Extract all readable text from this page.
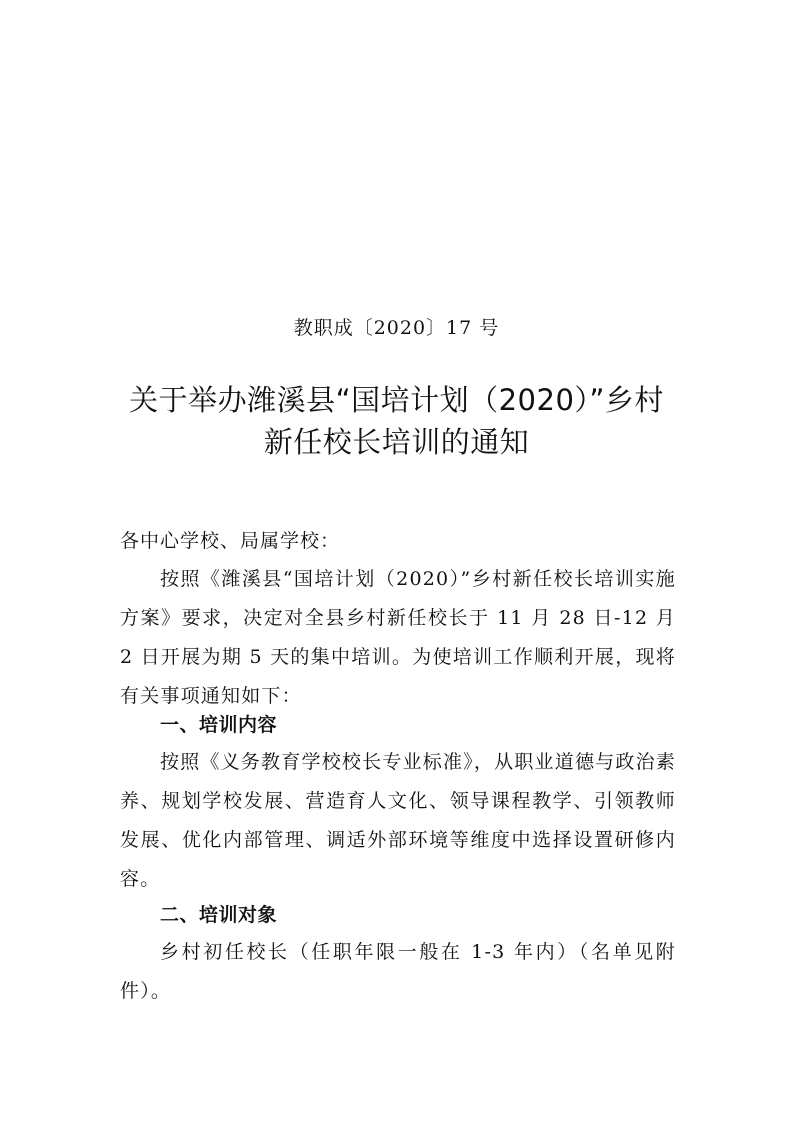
教职成〔2020〕17 号
关于举办潍溪县“国培计划（2020）”乡村
新任校长培训的通知
各中心学校、局属学校：
按照《潍溪县“国培计划（2020）”乡村新任校长培训实施方案》要求，决定对全县乡村新任校长于 11 月 28 日-12 月 2 日开展为期 5 天的集中培训。为使培训工作顺利开展，现将有关事项通知如下：
一、培训内容
按照《义务教育学校校长专业标准》，从职业道德与政治素养、规划学校发展、营造育人文化、领导课程教学、引领教师发展、优化内部管理、调适外部环境等维度中选择设置研修内容。
二、培训对象
乡村初任校长（任职年限一般在 1-3 年内）（名单见附件）。
